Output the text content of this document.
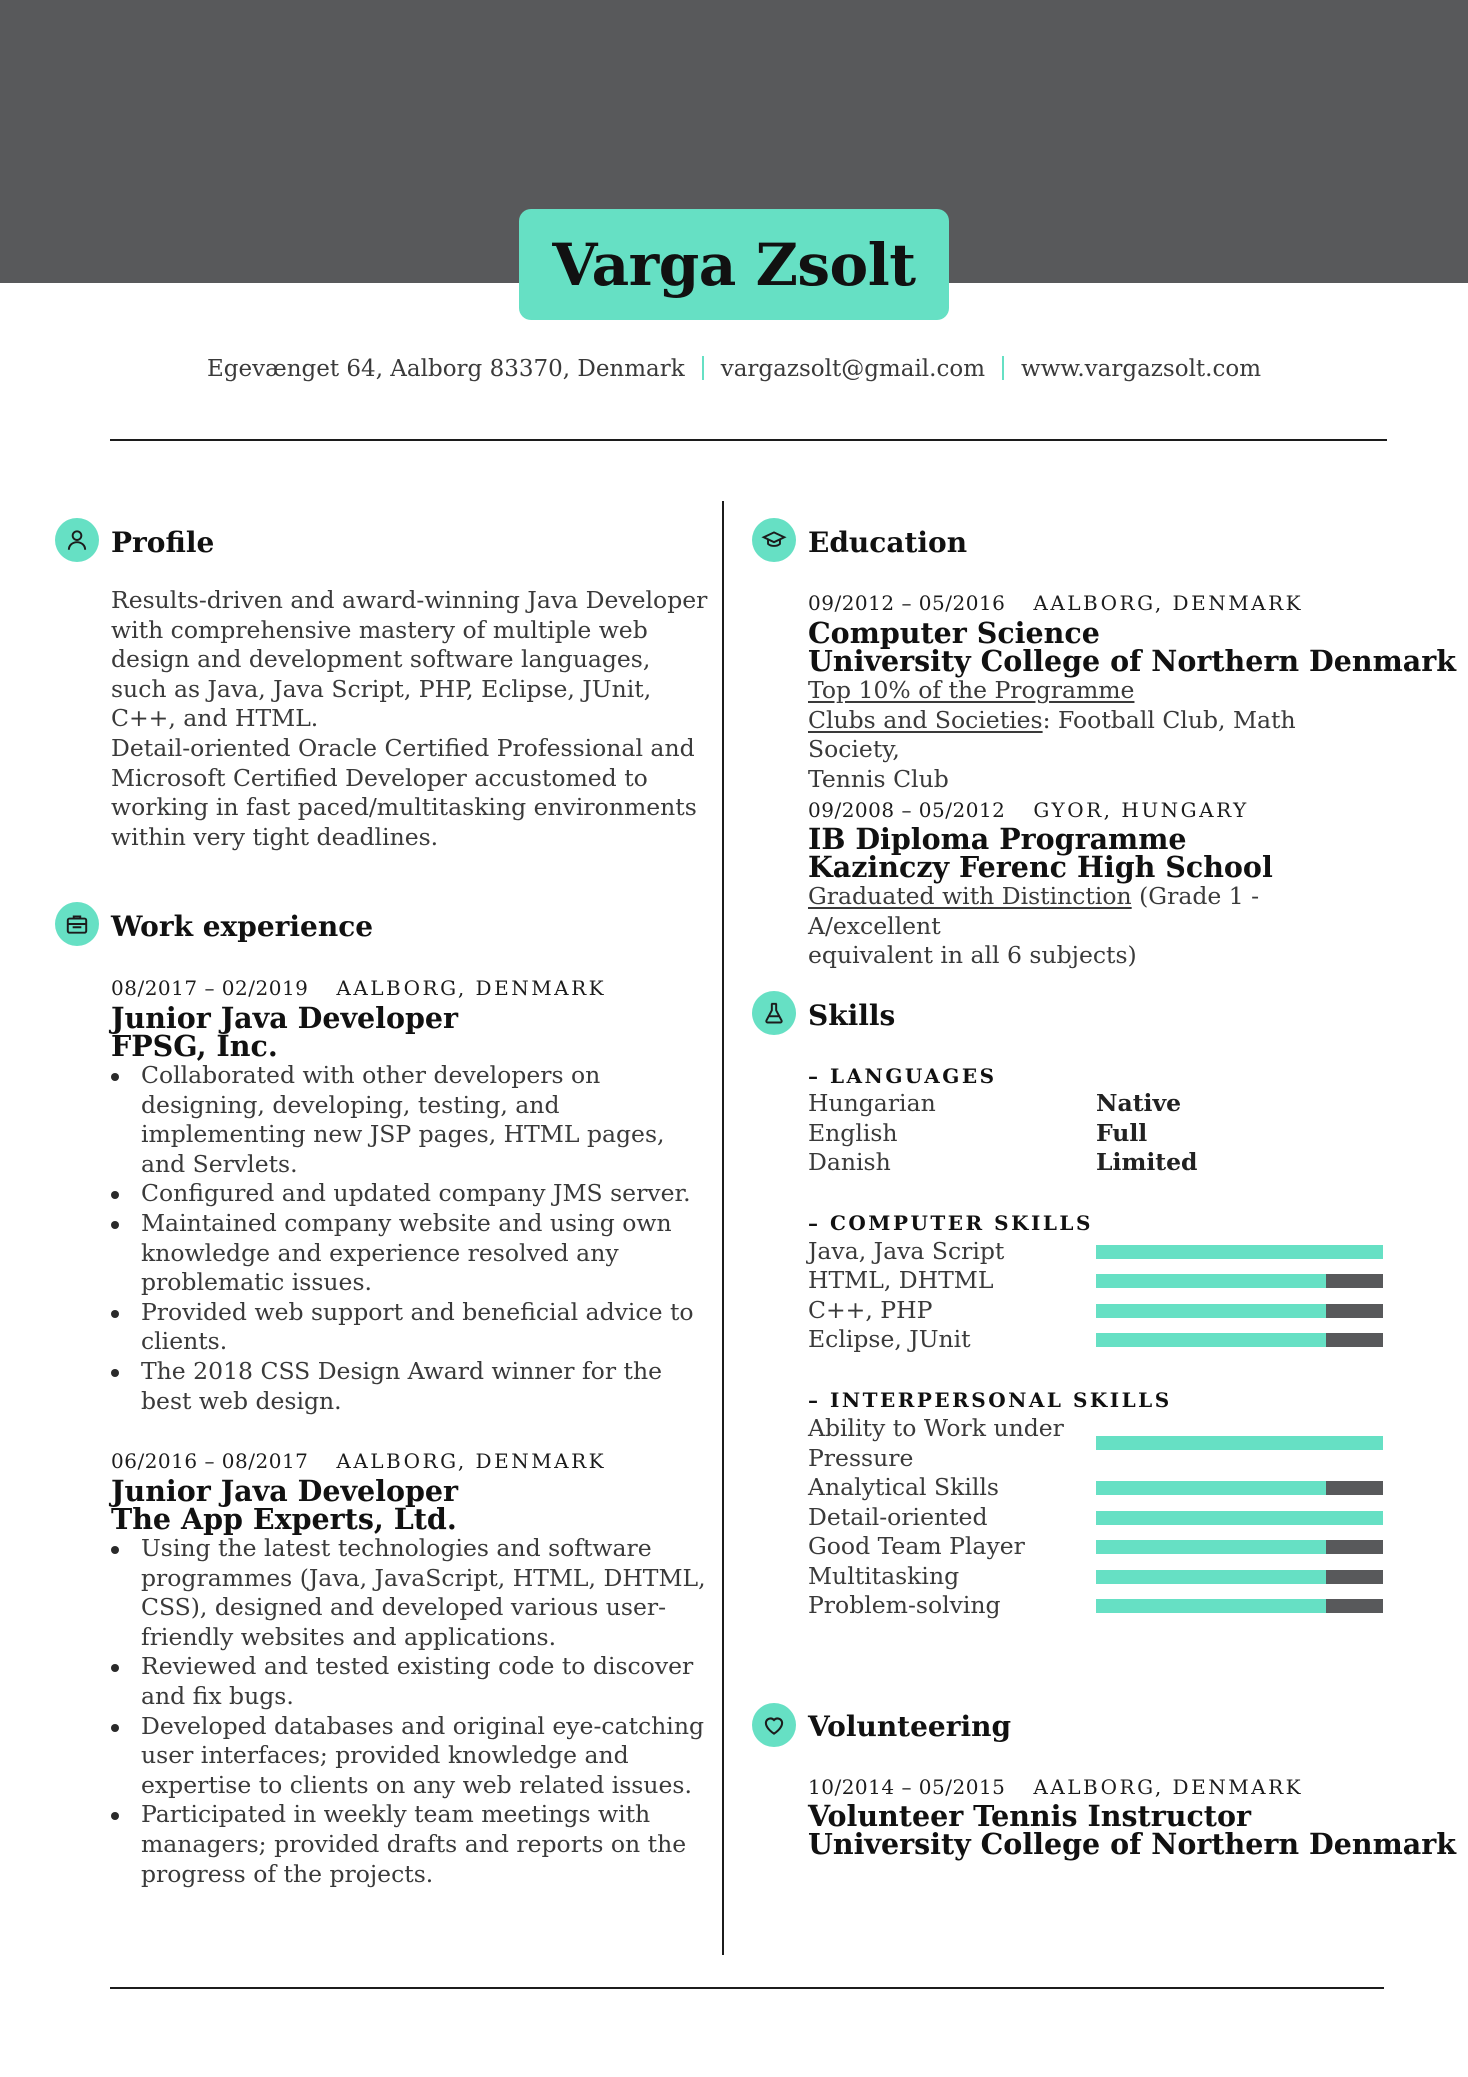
Varga Zsolt
Egevænget 64, Aalborg 83370, Denmark vargazsolt@gmail.com www.vargazsolt.com
Profile
Results-driven and award-winning Java Developer with comprehensive mastery of multiple web design and development software languages, such as Java, Java Script, PHP, Eclipse, JUnit, C++, and HTML.
Detail-oriented Oracle Certified Professional and Microsoft Certified Developer accustomed to working in fast paced/multitasking environments within very tight deadlines.
Work experience
08/2017 – 02/2019 AALBORG, DENMARK
Junior Java Developer
FPSG, Inc.
Collaborated with other developers on designing, developing, testing, and implementing new JSP pages, HTML pages, and Servlets.
Configured and updated company JMS server.
Maintained company website and using own knowledge and experience resolved any problematic issues.
Provided web support and beneficial advice to clients.
The 2018 CSS Design Award winner for the best web design.
06/2016 – 08/2017 AALBORG, DENMARK
Junior Java Developer
The App Experts, Ltd.
Using the latest technologies and software programmes (Java, JavaScript, HTML, DHTML, CSS), designed and developed various user-friendly websites and applications.
Reviewed and tested existing code to discover and fix bugs.
Developed databases and original eye-catching user interfaces; provided knowledge and expertise to clients on any web related issues.
Participated in weekly team meetings with managers; provided drafts and reports on the progress of the projects.
Education
09/2012 – 05/2016 AALBORG, DENMARK
Computer Science
University College of Northern Denmark
Top 10% of the Programme
Clubs and Societies: Football Club, Math Society,
Tennis Club
09/2008 – 05/2012 GYOR, HUNGARY
IB Diploma Programme
Kazinczy Ferenc High School
Graduated with Distinction (Grade 1 - A/excellent
equivalent in all 6 subjects)
Skills
– LANGUAGES
Hungarian	Native
English	Full
Danish	Limited
– COMPUTER SKILLS
Java, Java Script
HTML, DHTML
C++, PHP
Eclipse, JUnit
– INTERPERSONAL SKILLS
Ability to Work under
Pressure
Analytical Skills
Detail-oriented
Good Team Player
Multitasking
Problem-solving
Volunteering
10/2014 – 05/2015 AALBORG, DENMARK
Volunteer Tennis Instructor
University College of Northern Denmark
